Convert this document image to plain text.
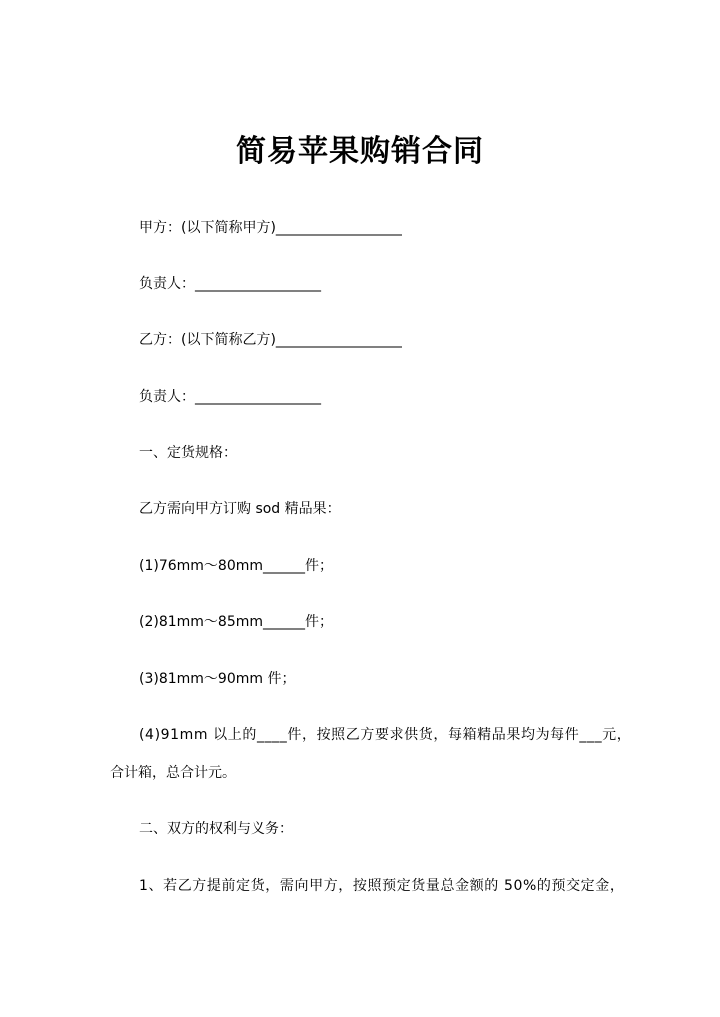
简易苹果购销合同
甲方：(以下简称甲方)__________________
负责人：__________________
乙方：(以下简称乙方)__________________
负责人：__________________
一、定货规格：
乙方需向甲方订购 sod 精品果：
(1)76mm～80mm______件；
(2)81mm～85mm______件；
(3)81mm～90mm 件；
(4)91mm 以上的____件，按照乙方要求供货，每箱精品果均为每件___元，
合计箱，总合计元。
二、双方的权利与义务：
1、若乙方提前定货，需向甲方，按照预定货量总金额的 50%的预交定金，
